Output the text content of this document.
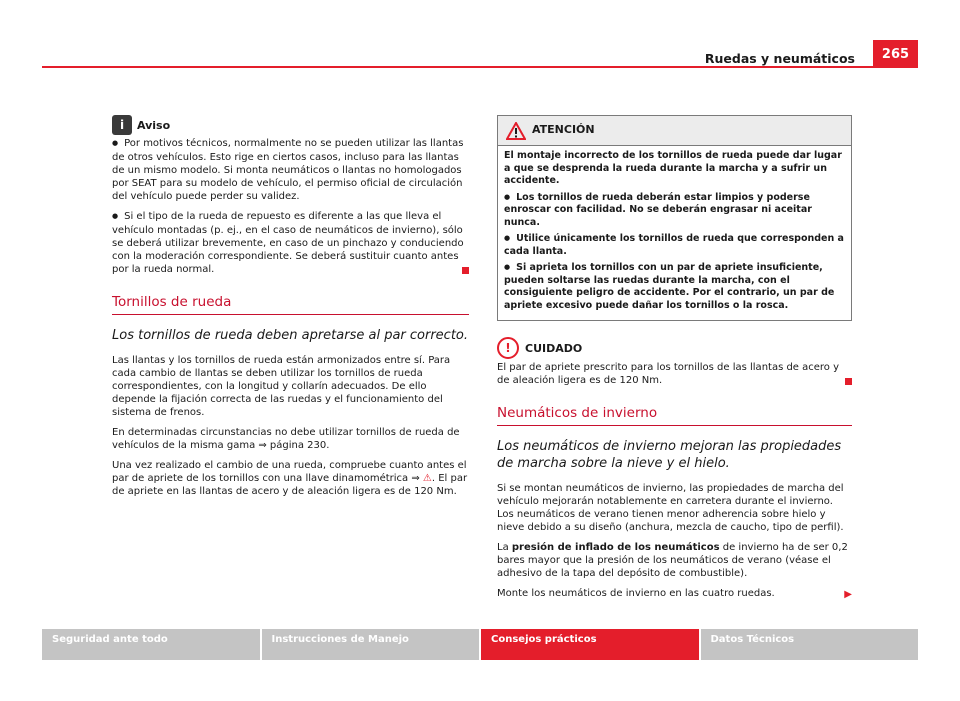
Ruedas y neumáticos	265
i	Aviso

● Por motivos técnicos, normalmente no se pueden utilizar las llantas de otros vehículos. Esto rige en ciertos casos, incluso para las llantas de un mismo modelo. Si monta neumáticos o llantas no homologados por SEAT para su modelo de vehículo, el permiso oficial de circulación del vehículo puede perder su validez.

● Si el tipo de la rueda de repuesto es diferente a las que lleva el vehículo montadas (p. ej., en el caso de neumáticos de invierno), sólo se deberá utilizar brevemente, en caso de un pinchazo y conduciendo con la moderación correspondiente. Se deberá sustituir cuanto antes por la rueda normal.

Tornillos de rueda
Los tornillos de rueda deben apretarse al par correcto.

Las llantas y los tornillos de rueda están armonizados entre sí. Para cada cambio de llantas se deben utilizar los tornillos de rueda correspondientes, con la longitud y collarín adecuados. De ello depende la fijación correcta de las ruedas y el funcionamiento del sistema de frenos.

En determinadas circunstancias no debe utilizar tornillos de rueda de vehículos de la misma gama ⇒ página 230.

Una vez realizado el cambio de una rueda, compruebe cuanto antes el par de apriete de los tornillos con una llave dinamométrica ⇒ ⚠. El par de apriete en las llantas de acero y de aleación ligera es de 120 Nm.

ATENCIÓN

El montaje incorrecto de los tornillos de rueda puede dar lugar a que se desprenda la rueda durante la marcha y a sufrir un accidente.

● Los tornillos de rueda deberán estar limpios y poderse enroscar con facilidad. No se deberán engrasar ni aceitar nunca.

● Utilice únicamente los tornillos de rueda que corresponden a cada llanta.

● Si aprieta los tornillos con un par de apriete insuficiente, pueden soltarse las ruedas durante la marcha, con el consiguiente peligro de accidente. Por el contrario, un par de apriete excesivo puede dañar los tornillos o la rosca.

!	CUIDADO

El par de apriete prescrito para los tornillos de las llantas de acero y de aleación ligera es de 120 Nm.

Neumáticos de invierno
Los neumáticos de invierno mejoran las propiedades de marcha sobre la nieve y el hielo.

Si se montan neumáticos de invierno, las propiedades de marcha del vehículo mejorarán notablemente en carretera durante el invierno. Los neumáticos de verano tienen menor adherencia sobre hielo y nieve debido a su diseño (anchura, mezcla de caucho, tipo de perfil).

La presión de inflado de los neumáticos de invierno ha de ser 0,2 bares mayor que la presión de los neumáticos de verano (véase el adhesivo de la tapa del depósito de combustible).

Monte los neumáticos de invierno en las cuatro ruedas.	▶

Seguridad ante todo	Instrucciones de Manejo	Consejos prácticos	Datos Técnicos
